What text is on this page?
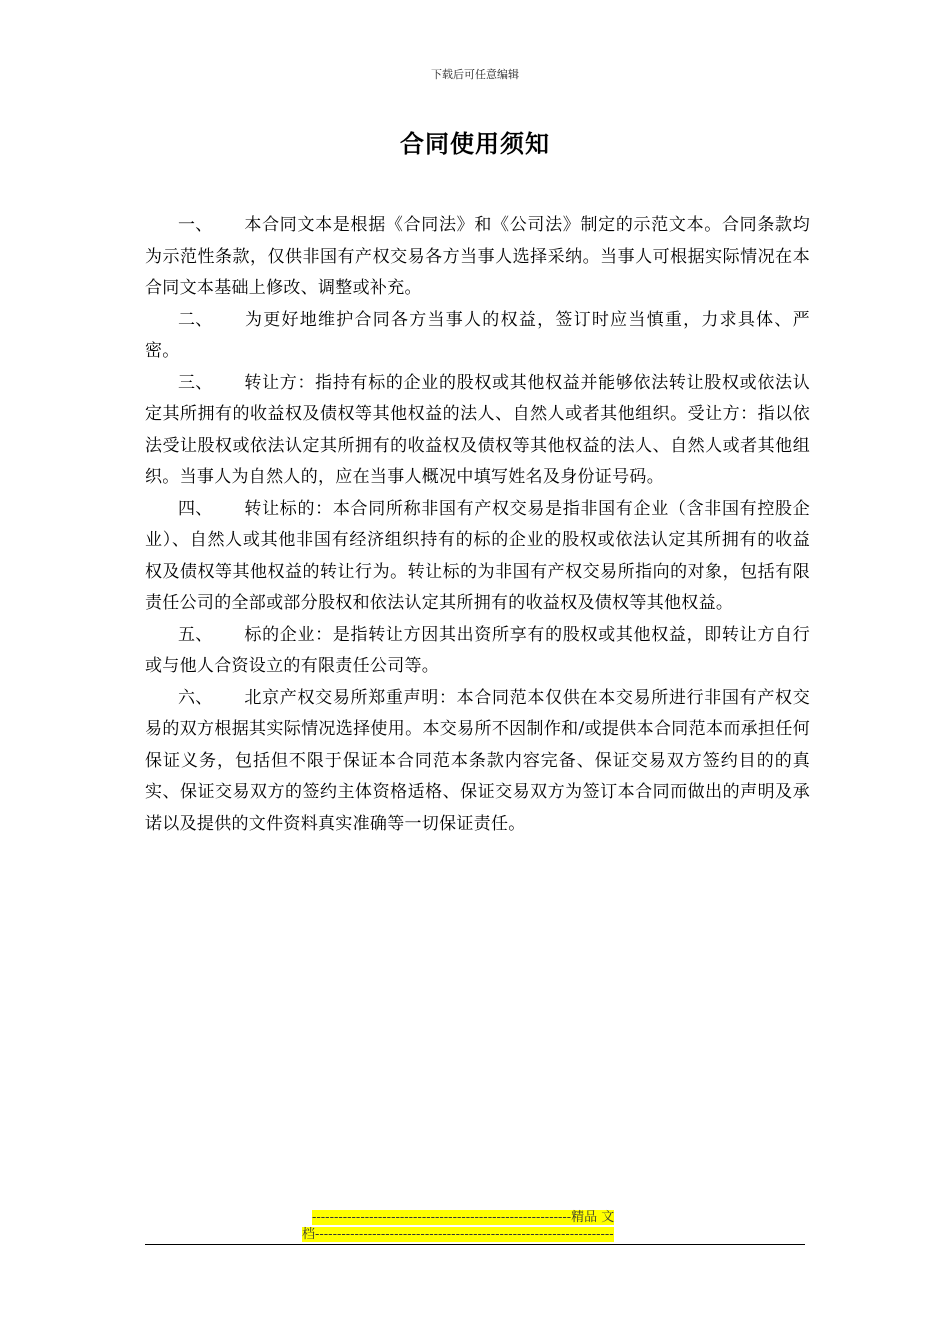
下载后可任意编辑
合同使用须知

一、 本合同文本是根据《合同法》和《公司法》制定的示范文本。合同条款均为示范性条款，仅供非国有产权交易各方当事人选择采纳。当事人可根据实际情况在本合同文本基础上修改、调整或补充。

二、 为更好地维护合同各方当事人的权益，签订时应当慎重，力求具体、严密。

三、 转让方：指持有标的企业的股权或其他权益并能够依法转让股权或依法认定其所拥有的收益权及债权等其他权益的法人、自然人或者其他组织。受让方：指以依法受让股权或依法认定其所拥有的收益权及债权等其他权益的法人、自然人或者其他组织。当事人为自然人的，应在当事人概况中填写姓名及身份证号码。

四、 转让标的：本合同所称非国有产权交易是指非国有企业（含非国有控股企业）、自然人或其他非国有经济组织持有的标的企业的股权或依法认定其所拥有的收益权及债权等其他权益的转让行为。转让标的为非国有产权交易所指向的对象，包括有限责任公司的全部或部分股权和依法认定其所拥有的收益权及债权等其他权益。

五、 标的企业：是指转让方因其出资所享有的股权或其他权益，即转让方自行或与他人合资设立的有限责任公司等。

六、 北京产权交易所郑重声明：本合同范本仅供在本交易所进行非国有产权交易的双方根据其实际情况选择使用。本交易所不因制作和/或提供本合同范本而承担任何保证义务，包括但不限于保证本合同范本条款内容完备、保证交易双方签约目的的真实、保证交易双方的签约主体资格适格、保证交易双方为签订本合同而做出的声明及承诺以及提供的文件资料真实准确等一切保证责任。

-----------------------------------------------------------精品 文
档--------------------------------------------------------------------
